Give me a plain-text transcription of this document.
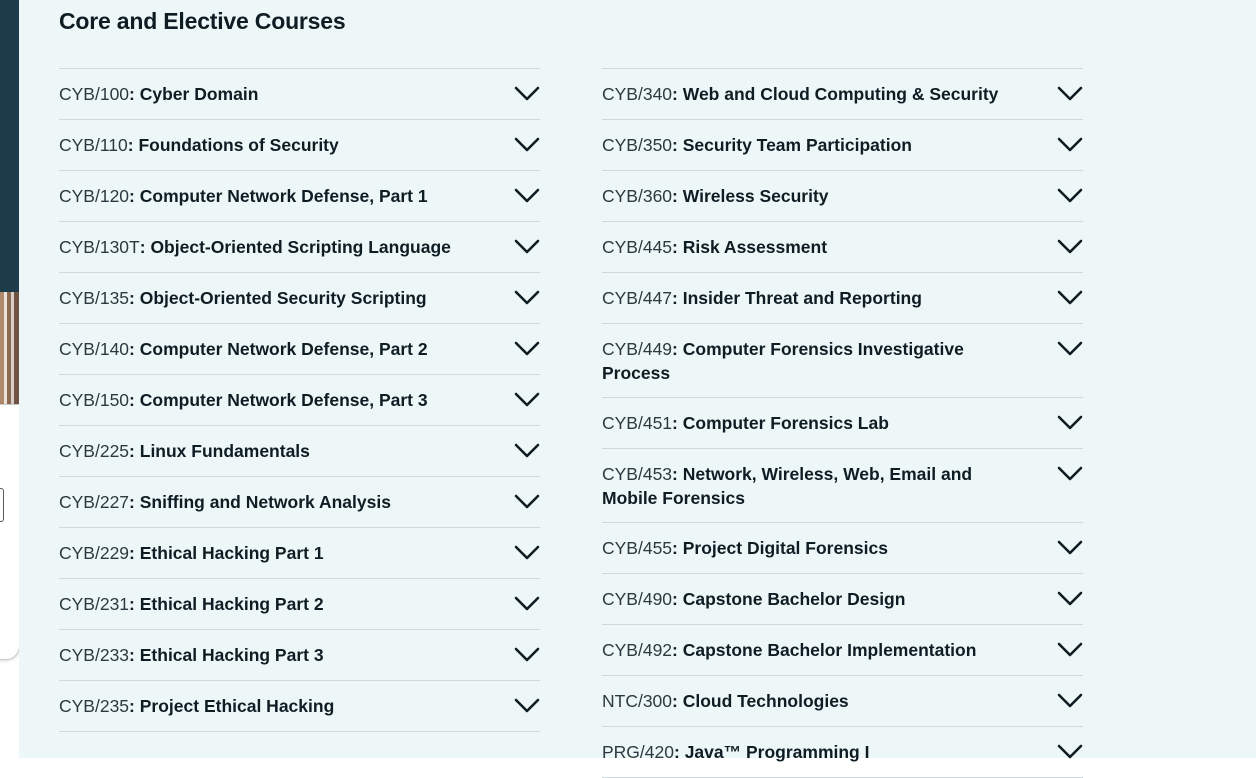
Core and Elective Courses
CYB/100: Cyber Domain
CYB/110: Foundations of Security
CYB/120: Computer Network Defense, Part 1
CYB/130T: Object-Oriented Scripting Language
CYB/135: Object-Oriented Security Scripting
CYB/140: Computer Network Defense, Part 2
CYB/150: Computer Network Defense, Part 3
CYB/225: Linux Fundamentals
CYB/227: Sniffing and Network Analysis
CYB/229: Ethical Hacking Part 1
CYB/231: Ethical Hacking Part 2
CYB/233: Ethical Hacking Part 3
CYB/235: Project Ethical Hacking
CYB/340: Web and Cloud Computing & Security
CYB/350: Security Team Participation
CYB/360: Wireless Security
CYB/445: Risk Assessment
CYB/447: Insider Threat and Reporting
CYB/449: Computer Forensics Investigative Process
CYB/451: Computer Forensics Lab
CYB/453: Network, Wireless, Web, Email and Mobile Forensics
CYB/455: Project Digital Forensics
CYB/490: Capstone Bachelor Design
CYB/492: Capstone Bachelor Implementation
NTC/300: Cloud Technologies
PRG/420: Java™ Programming I
